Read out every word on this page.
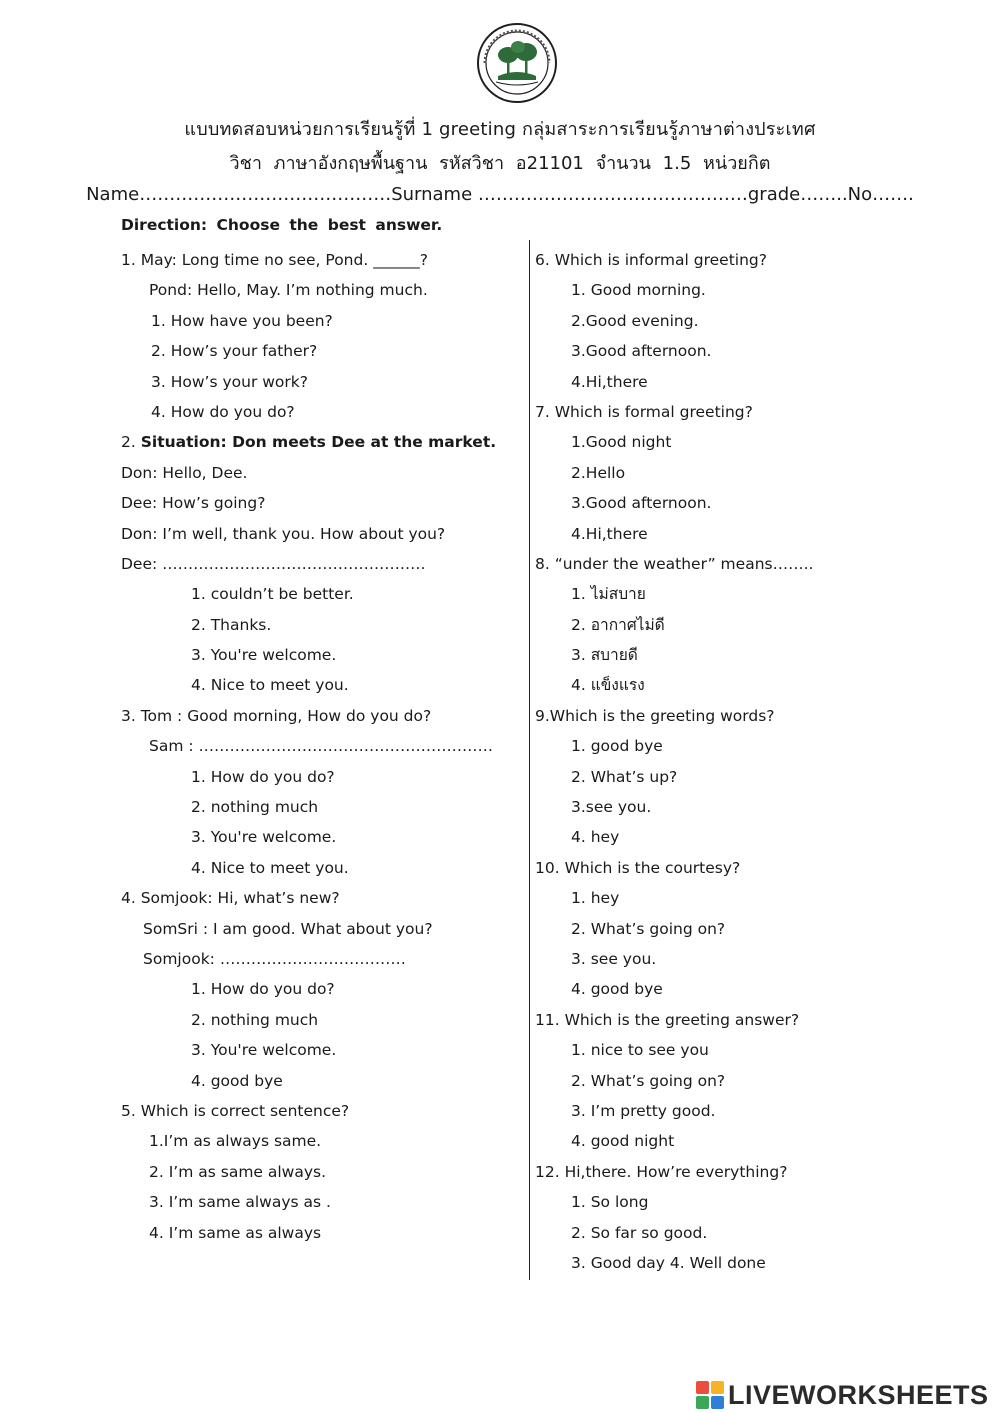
แบบทดสอบหน่วยการเรียนรู้ที่ 1 greeting กลุ่มสาระการเรียนรู้ภาษาต่างประเทศ
วิชา ภาษาอังกฤษพื้นฐาน รหัสวิชา อ21101 จำนวน 1.5 หน่วยกิต
Name……………………………………Surname ………………………………………grade……..No…….
Direction: Choose the best answer.
1. May: Long time no see, Pond. ______?
Pond: Hello, May. I’m nothing much.
1. How have you been?
2. How’s your father?
3. How’s your work?
4. How do you do?
2. Situation: Don meets Dee at the market.
Don: Hello, Dee.
Dee: How’s going?
Don: I’m well, thank you. How about you?
Dee: ……………………………………………
1. couldn’t be better.
2. Thanks.
3. You're welcome.
4. Nice to meet you.
3. Tom : Good morning, How do you do?
Sam : …………………………………………………
1. How do you do?
2. nothing much
3. You're welcome.
4. Nice to meet you.
4. Somjook: Hi, what’s new?
SomSri : I am good. What about you?
Somjook: ………………………………
1. How do you do?
2. nothing much
3. You're welcome.
4. good bye
5. Which is correct sentence?
1.I’m as always same.
2. I’m as same always.
3. I’m same always as .
4. I’m same as always
6. Which is informal greeting?
1. Good morning.
2.Good evening.
3.Good afternoon.
4.Hi,there
7. Which is formal greeting?
1.Good night
2.Hello
3.Good afternoon.
4.Hi,there
8. “under the weather” means……..
1. ไม่สบาย
2. อากาศไม่ดี
3. สบายดี
4. แข็งแรง
9.Which is the greeting words?
1. good bye
2. What’s up?
3.see you.
4. hey
10. Which is the courtesy?
1. hey
2. What’s going on?
3. see you.
4. good bye
11. Which is the greeting answer?
1. nice to see you
2. What’s going on?
3. I’m pretty good.
4. good night
12. Hi,there. How’re everything?
1. So long
2. So far so good.
3. Good day 4. Well done
LIVEWORKSHEETS
